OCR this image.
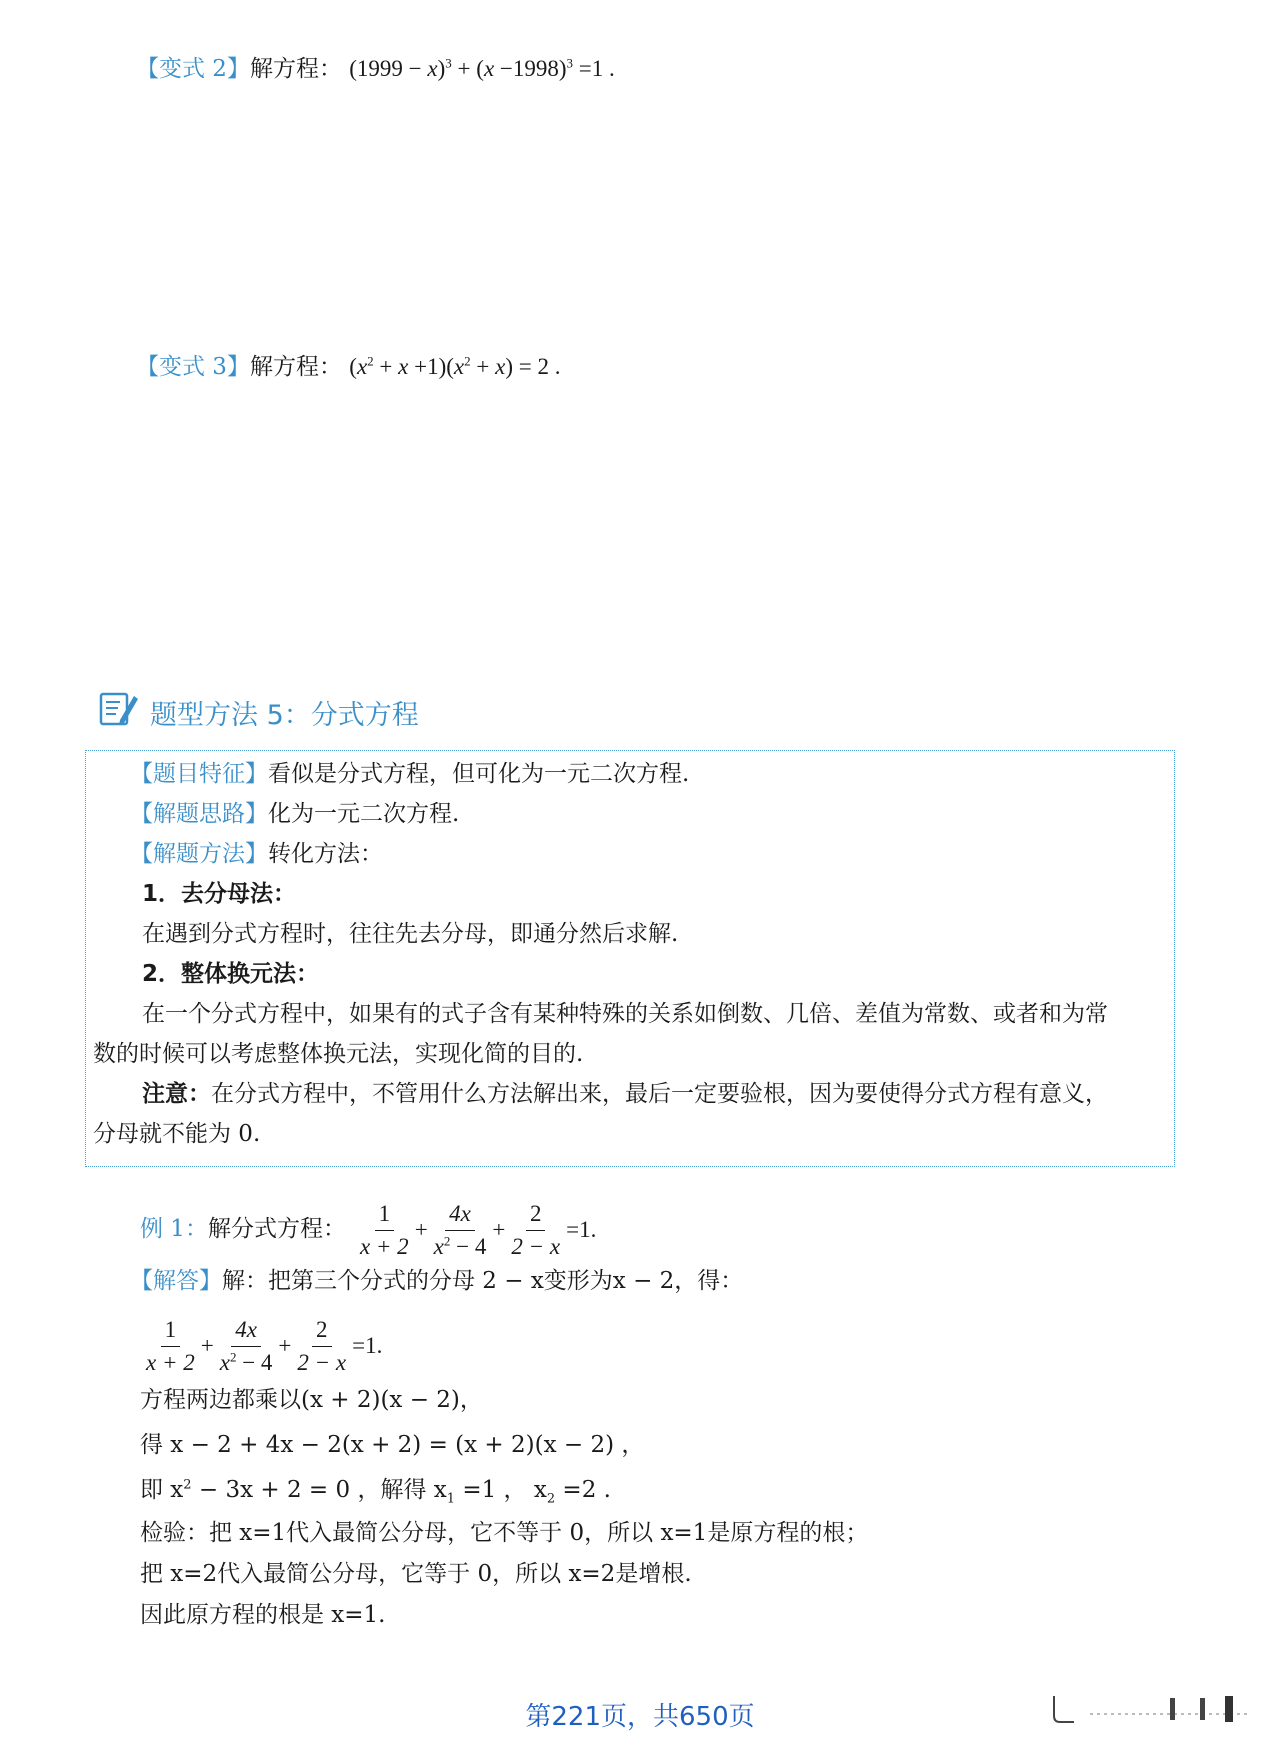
【变式 2】解方程： $(1999 - x)^3 + (x -1998)^3 =1$ .
【变式 3】解方程： $(x^2 + x +1)(x^2 + x) = 2$ .
题型方法 5：分式方程
【题目特征】看似是分式方程，但可化为一元二次方程.
【解题思路】化为一元二次方程.
【解题方法】转化方法：
1．去分母法：
在遇到分式方程时，往往先去分母，即通分然后求解.
2．整体换元法：
在一个分式方程中，如果有的式子含有某种特殊的关系如倒数、几倍、差值为常数、或者和为常
数的时候可以考虑整体换元法，实现化简的目的.
注意：在分式方程中，不管用什么方法解出来，最后一定要验根，因为要使得分式方程有意义，
分母就不能为 0.
例 1： 解分式方程： $\frac{1}{x + 2} + \frac{4x}{x^2 - 4} + \frac{2}{2 - x} =1$.
【解答】解：把第三个分式的分母 2 − x变形为x − 2，得：
$\frac{1}{x + 2} + \frac{4x}{x^2 - 4} + \frac{2}{2 - x} =1$.
方程两边都乘以(x + 2)(x − 2)，
得 x − 2 + 4x − 2(x + 2) = (x + 2)(x − 2) ，
即 $x^2 - 3x + 2 = 0$ ，解得 $x_1 =1$ ， $x_2 =2$ .
检验：把 x=1代入最简公分母，它不等于 0，所以 x=1是原方程的根；
把 x=2代入最简公分母，它等于 0，所以 x=2是增根.
因此原方程的根是 x=1.
第221页，共650页
